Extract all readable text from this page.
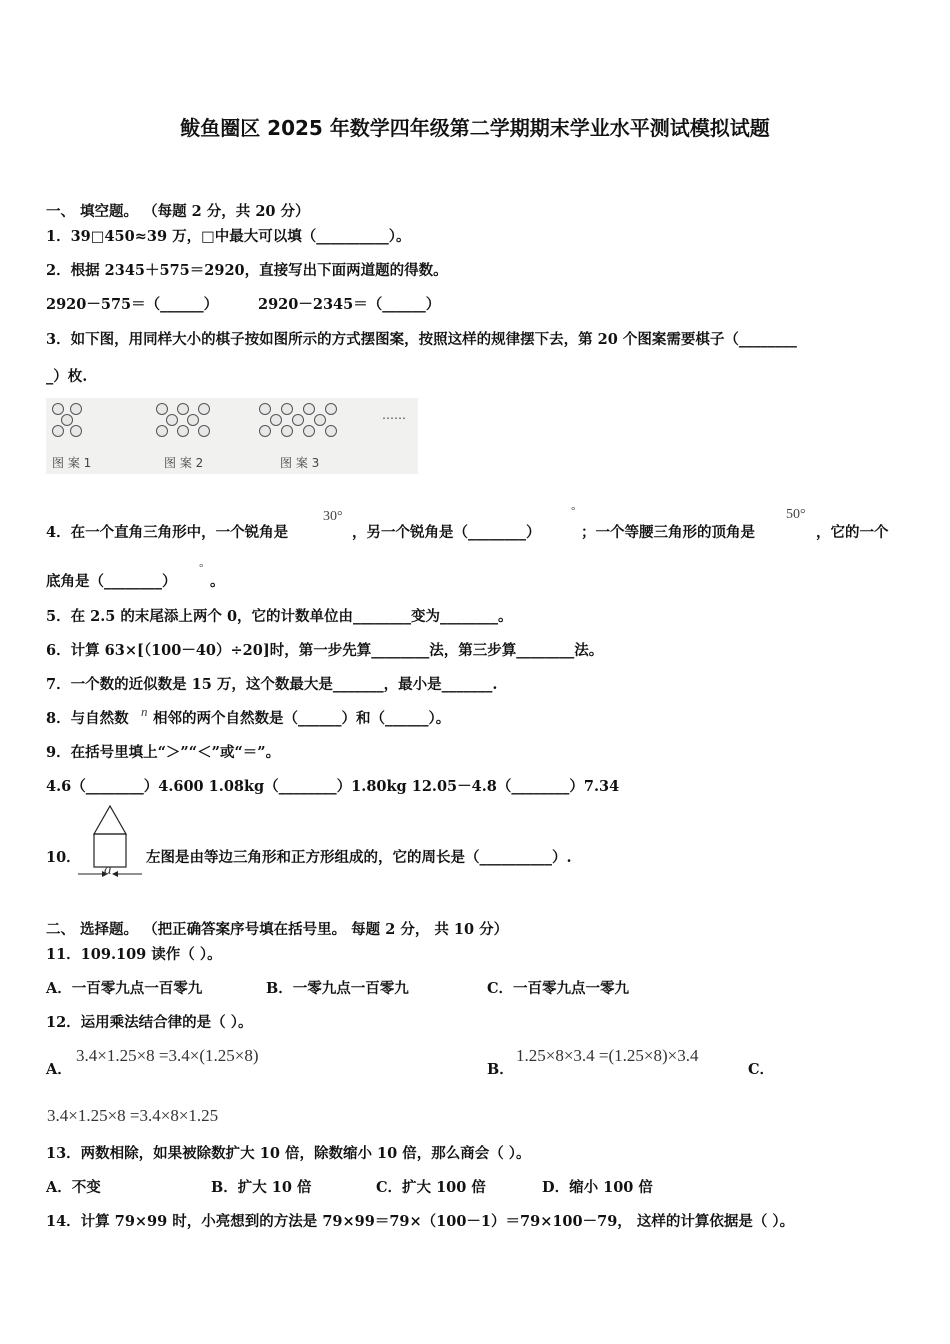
鲅鱼圈区 2025 年数学四年级第二学期期末学业水平测试模拟试题
一、 填空题。 （每题 2 分，共 20 分）
1．39□450≈39 万，□中最大可以填（__________）。
2．根据 2345＋575＝2920，直接写出下面两道题的得数。
2920－575＝（______）	2920－2345＝（______）
3．如下图，用同样大小的棋子按如图所示的方式摆图案，按照这样的规律摆下去，第 20 个图案需要棋子（________
_）枚.
……
图 案 1	图 案 2	图 案 3
4．在一个直角三角形中，一个锐角是
30°
，另一个锐角是（________）
°
；一个等腰三角形的顶角是
50°
，它的一个
底角是（________）
°
。
5．在 2.5 的末尾添上两个 0，它的计数单位由________变为________。
6．计算 63×[（100－40）÷20]时，第一步先算________法，第三步算________法。
7．一个数的近似数是 15 万，这个数最大是_______，最小是_______.
8．与自然数 n 相邻的两个自然数是（______）和（______）。
9．在括号里填上“＞”“＜”或“＝”。
4.6（________）4.600 1.08kg（________）1.80kg 12.05－4.8（________）7.34
10．
a
左图是由等边三角形和正方形组成的，它的周长是（__________）.
二、 选择题。 （把正确答案序号填在括号里。 每题 2 分， 共 10 分）
11．109.109 读作（ ）。
A．一百零九点一百零九	B．一零九点一百零九	C．一百零九点一零九
12．运用乘法结合律的是（ ）。
A．
3.4×1.25×8 =3.4×(1.25×8)
B．
1.25×8×3.4 =(1.25×8)×3.4
C．
3.4×1.25×8 =3.4×8×1.25
13．两数相除，如果被除数扩大 10 倍，除数缩小 10 倍，那么商会（ ）。
A．不变	B．扩大 10 倍	C．扩大 100 倍	D．缩小 100 倍
14．计算 79×99 时，小亮想到的方法是 79×99＝79×（100－1）＝79×100－79， 这样的计算依据是（ ）。
